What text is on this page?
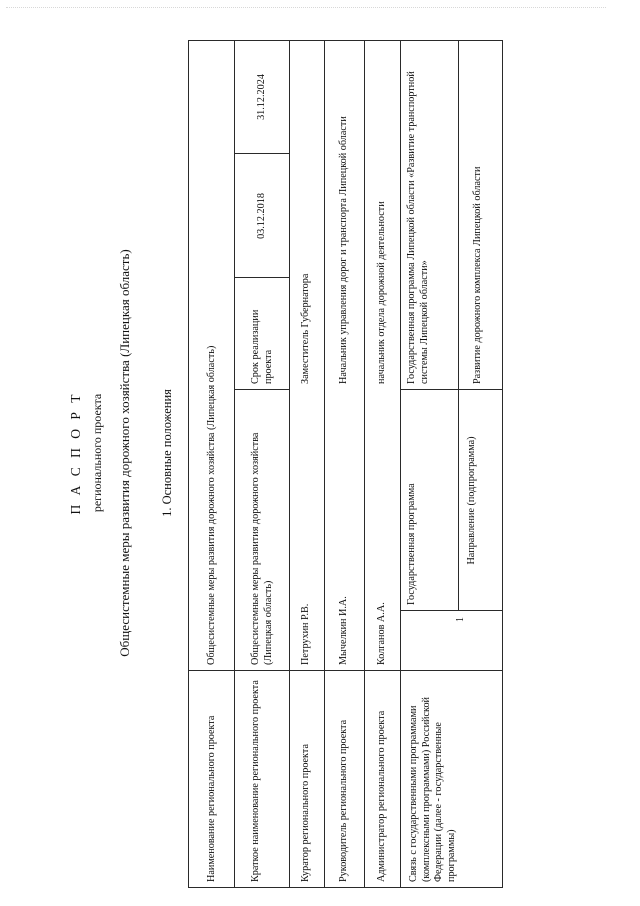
П А С П О Р Т регионального проекта Общесистемные меры развития дорожного хозяйства (Липецкая область) 1. Основные положения
Наименование регионального проекта
Общесистемные меры развития дорожного хозяйства (Липецкая область)
Краткое наименование регионального проекта
Общесистемные меры развития дорожного хозяйства (Липецкая область)
Срок реализации проекта
03.12.2018
31.12.2024
Куратор регионального проекта
Петрухин Р.В.
Заместитель Губернатора
Руководитель регионального проекта
Мычелкин И.А.
Начальник управления дорог и транспорта Липецкой области
Администратор регионального проекта
Колганов А.А.
начальник отдела дорожной деятельности
Связь с государственными программами (комплексными программами) Российской Федерации (далее - государственные программы)
Государственная программа
Государственная программа Липецкой области «Развитие транспортной системы Липецкой области»
Направление (подпрограмма)
Развитие дорожного комплекса Липецкой области
1
